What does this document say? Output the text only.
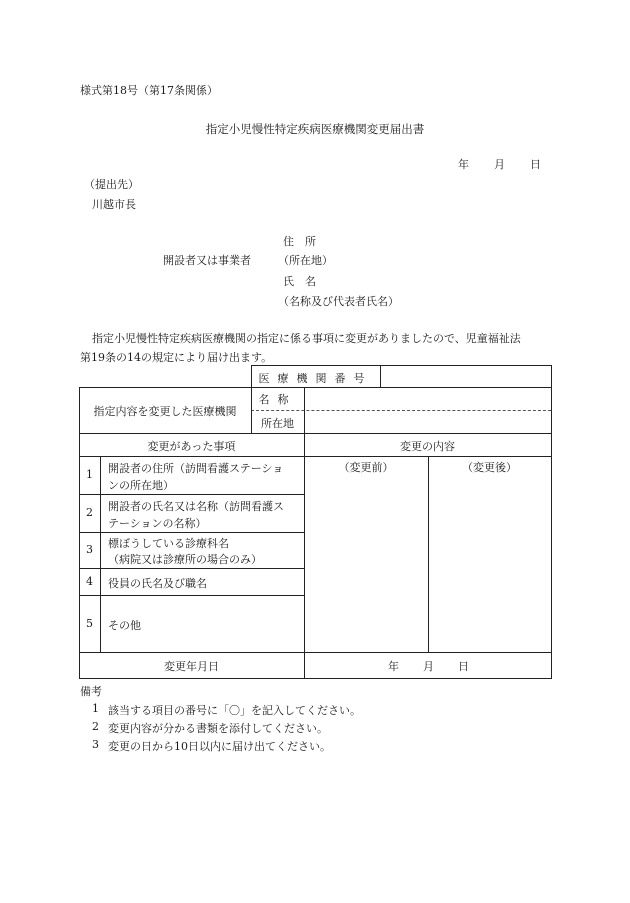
様式第18号（第17条関係）
指定小児慢性特定疾病医療機関変更届出書
年 月 日
（提出先）
川越市長
住　所
開設者又は事業者 （所在地）
氏　名
（名称及び代表者氏名）
指定小児慢性特定疾病医療機関の指定に係る事項に変更がありましたので、児童福祉法
第19条の14の規定により届け出ます。
医療機関番号
指定内容を変更した医療機関
名称
所在地
変更があった事項	変更の内容
（変更前）	（変更後）
1	開設者の住所（訪問看護ステーショ
ンの所在地）
2	開設者の氏名又は名称（訪問看護ス
テーションの名称）
3	標ぼうしている診療科名
（病院又は診療所の場合のみ）
4	役員の氏名及び職名
5	その他
変更年月日	年 月 日
備考
1 該当する項目の番号に「〇」を記入してください。
2 変更内容が分かる書類を添付してください。
3 変更の日から10日以内に届け出てください。
